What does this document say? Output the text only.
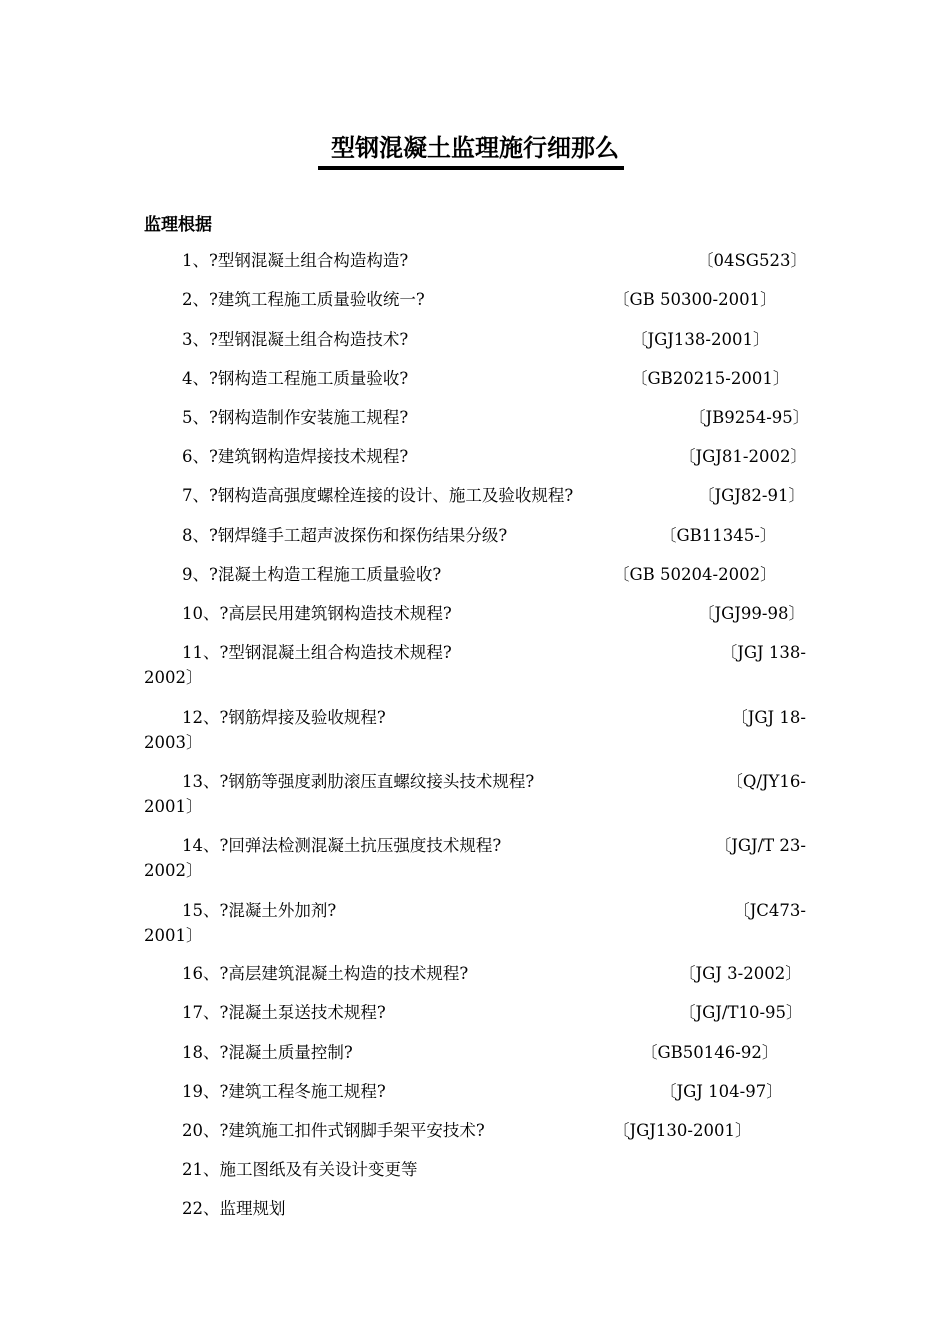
型钢混凝土监理施行细那么
监理根据
1、?型钢混凝土组合构造构造?	〔04SG523〕
2、?建筑工程施工质量验收统一?	〔GB 50300-2001〕
3、?型钢混凝土组合构造技术?	〔JGJ138-2001〕
4、?钢构造工程施工质量验收?	〔GB20215-2001〕
5、?钢构造制作安装施工规程?	〔JB9254-95〕
6、?建筑钢构造焊接技术规程?	〔JGJ81-2002〕
7、?钢构造高强度螺栓连接的设计、施工及验收规程?	〔JGJ82-91〕
8、?钢焊缝手工超声波探伤和探伤结果分级?	〔GB11345-〕
9、?混凝土构造工程施工质量验收?	〔GB 50204-2002〕
10、?高层民用建筑钢构造技术规程?	〔JGJ99-98〕
11、?型钢混凝土组合构造技术规程?	〔JGJ 138-
2002〕
12、?钢筋焊接及验收规程?	〔JGJ 18-
2003〕
13、?钢筋等强度剥肋滚压直螺纹接头技术规程?	〔Q/JY16-
2001〕
14、?回弹法检测混凝土抗压强度技术规程?	〔JGJ/T 23-
2002〕
15、?混凝土外加剂?	〔JC473-
2001〕
16、?高层建筑混凝土构造的技术规程?	〔JGJ 3-2002〕
17、?混凝土泵送技术规程?	〔JGJ/T10-95〕
18、?混凝土质量控制?	〔GB50146-92〕
19、?建筑工程冬施工规程?	〔JGJ 104-97〕
20、?建筑施工扣件式钢脚手架平安技术?	〔JGJ130-2001〕
21、施工图纸及有关设计变更等
22、监理规划
